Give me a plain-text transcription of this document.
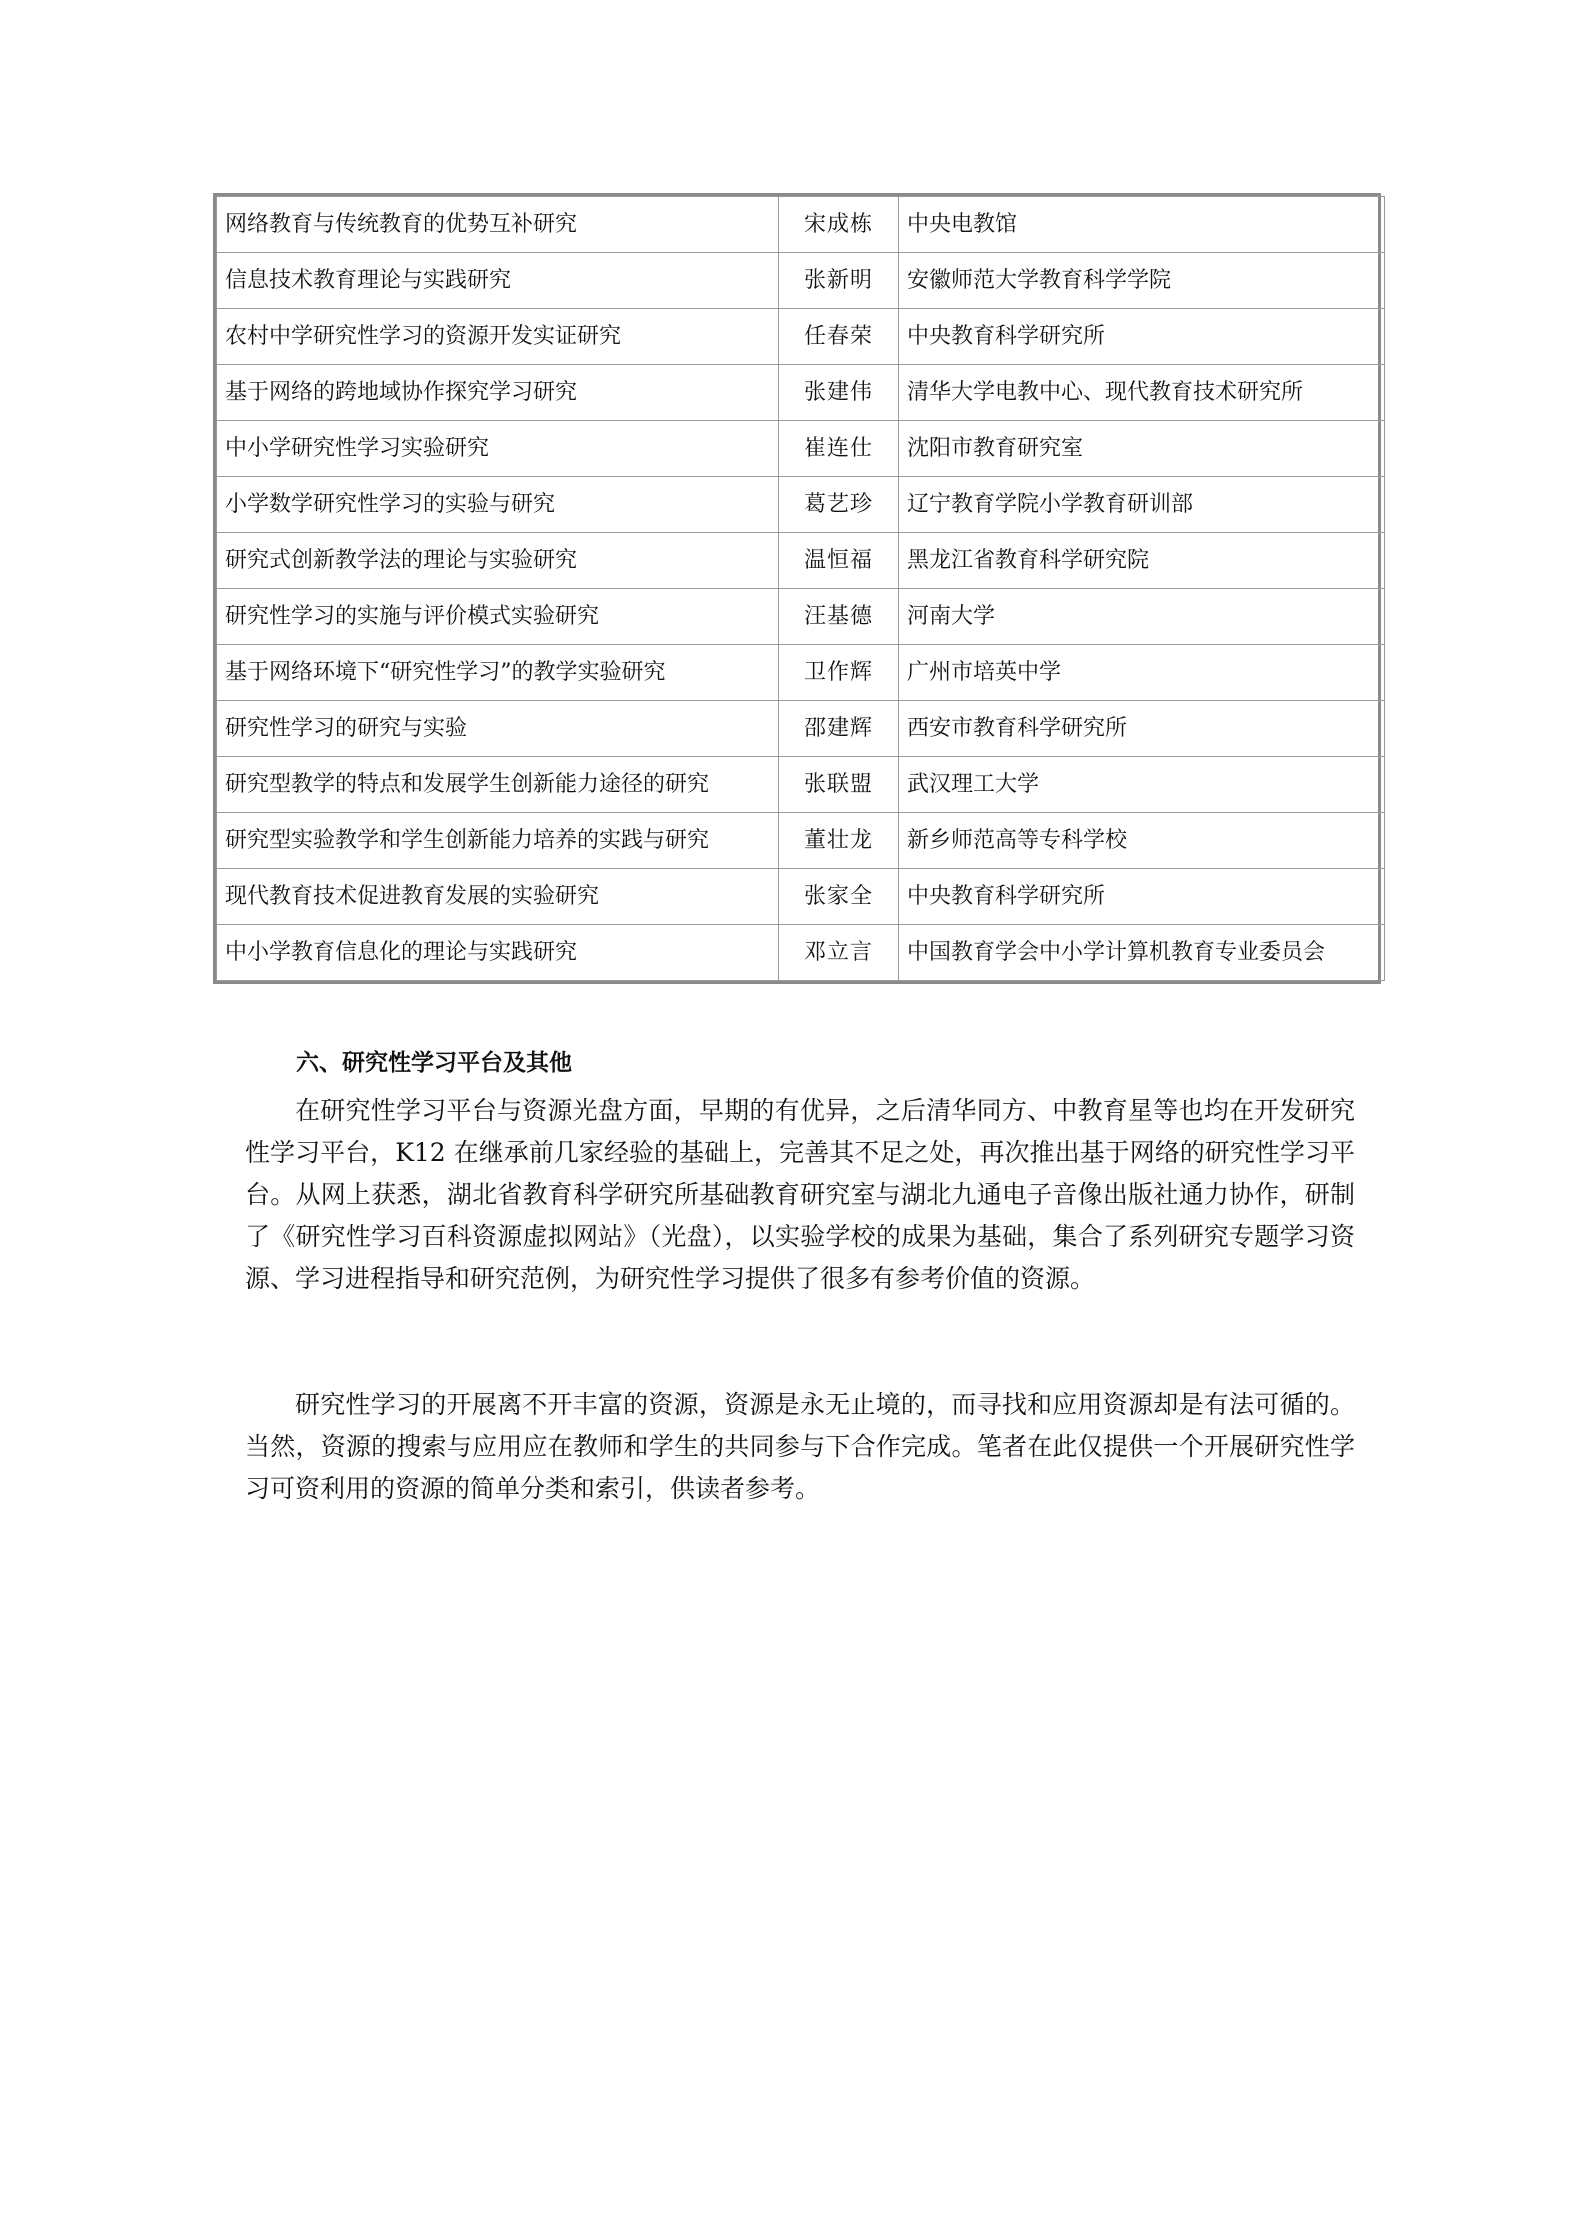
网络教育与传统教育的优势互补研究	宋成栋	中央电教馆
信息技术教育理论与实践研究	张新明	安徽师范大学教育科学学院
农村中学研究性学习的资源开发实证研究	任春荣	中央教育科学研究所
基于网络的跨地域协作探究学习研究	张建伟	清华大学电教中心、现代教育技术研究所
中小学研究性学习实验研究	崔连仕	沈阳市教育研究室
小学数学研究性学习的实验与研究	葛艺珍	辽宁教育学院小学教育研训部
研究式创新教学法的理论与实验研究	温恒福	黑龙江省教育科学研究院
研究性学习的实施与评价模式实验研究	汪基德	河南大学
基于网络环境下“研究性学习”的教学实验研究	卫作辉	广州市培英中学
研究性学习的研究与实验	邵建辉	西安市教育科学研究所
研究型教学的特点和发展学生创新能力途径的研究	张联盟	武汉理工大学
研究型实验教学和学生创新能力培养的实践与研究	董壮龙	新乡师范高等专科学校
现代教育技术促进教育发展的实验研究	张家全	中央教育科学研究所
中小学教育信息化的理论与实践研究	邓立言	中国教育学会中小学计算机教育专业委员会
六、研究性学习平台及其他

在研究性学习平台与资源光盘方面，早期的有优异，之后清华同方、中教育星等也均在开发研究性学习平台，K12 在继承前几家经验的基础上，完善其不足之处，再次推出基于网络的研究性学习平台。从网上获悉，湖北省教育科学研究所基础教育研究室与湖北九通电子音像出版社通力协作，研制了《研究性学习百科资源虚拟网站》（光盘），以实验学校的成果为基础，集合了系列研究专题学习资源、学习进程指导和研究范例，为研究性学习提供了很多有参考价值的资源。

研究性学习的开展离不开丰富的资源，资源是永无止境的，而寻找和应用资源却是有法可循的。当然，资源的搜索与应用应在教师和学生的共同参与下合作完成。笔者在此仅提供一个开展研究性学习可资利用的资源的简单分类和索引，供读者参考。
